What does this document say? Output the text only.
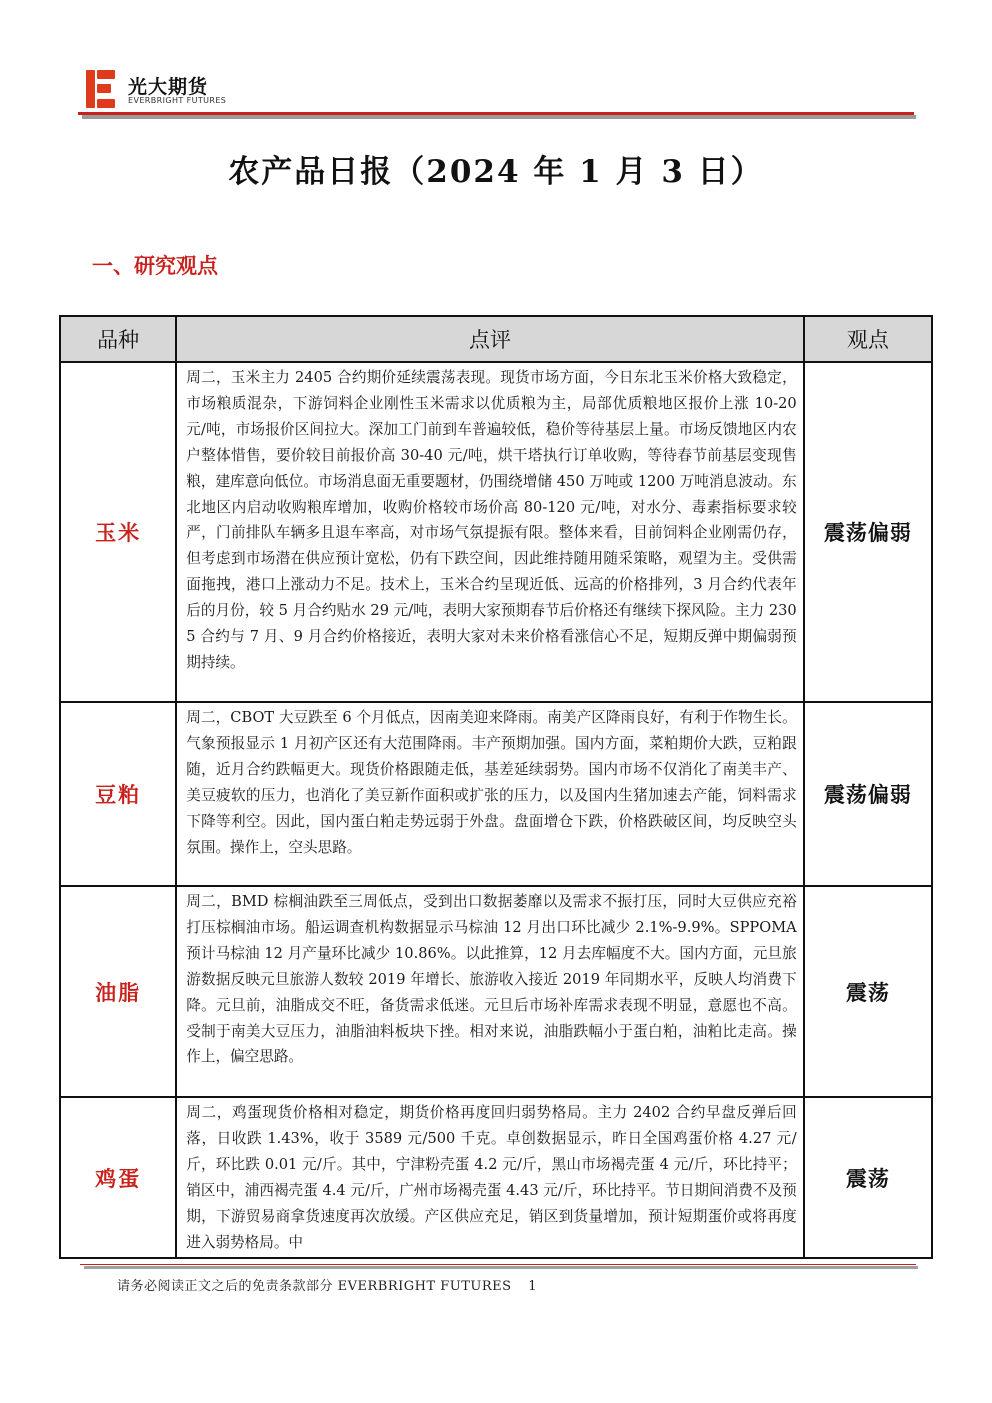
光大期货
EVERBRIGHT FUTURES
农产品日报（2024 年 1 月 3 日）
一、研究观点
品种	点评	观点
玉米	周二，玉米主力 2405 合约期价延续震荡表现。现货市场方面，今日东北玉米价格大致稳定，市场粮质混杂，下游饲料企业刚性玉米需求以优质粮为主，局部优质粮地区报价上涨 10-20 元/吨，市场报价区间拉大。深加工门前到车普遍较低，稳价等待基层上量。市场反馈地区内农户整体惜售，要价较目前报价高 30-40 元/吨，烘干塔执行订单收购，等待春节前基层变现售粮，建库意向低位。市场消息面无重要题材，仍围绕增储 450 万吨或 1200 万吨消息波动。东北地区内启动收购粮库增加，收购价格较市场价高 80-120 元/吨，对水分、毒素指标要求较严，门前排队车辆多且退车率高，对市场气氛提振有限。整体来看，目前饲料企业刚需仍存，但考虑到市场潜在供应预计宽松，仍有下跌空间，因此维持随用随采策略，观望为主。受供需面拖拽，港口上涨动力不足。技术上，玉米合约呈现近低、远高的价格排列，3 月合约代表年后的月份，较 5 月合约贴水 29 元/吨，表明大家预期春节后价格还有继续下探风险。主力 2305 合约与 7 月、9 月合约价格接近，表明大家对未来价格看涨信心不足，短期反弹中期偏弱预期持续。	震荡偏弱
豆粕	周二，CBOT 大豆跌至 6 个月低点，因南美迎来降雨。南美产区降雨良好，有利于作物生长。气象预报显示 1 月初产区还有大范围降雨。丰产预期加强。国内方面，菜粕期价大跌，豆粕跟随，近月合约跌幅更大。现货价格跟随走低，基差延续弱势。国内市场不仅消化了南美丰产、美豆疲软的压力，也消化了美豆新作面积或扩张的压力，以及国内生猪加速去产能，饲料需求下降等利空。因此，国内蛋白粕走势远弱于外盘。盘面增仓下跌，价格跌破区间，均反映空头氛围。操作上，空头思路。	震荡偏弱
油脂	周二，BMD 棕榈油跌至三周低点，受到出口数据萎靡以及需求不振打压，同时大豆供应充裕打压棕榈油市场。船运调查机构数据显示马棕油 12 月出口环比减少 2.1%-9.9%。SPPOMA 预计马棕油 12 月产量环比减少 10.86%。以此推算，12 月去库幅度不大。国内方面，元旦旅游数据反映元旦旅游人数较 2019 年增长、旅游收入接近 2019 年同期水平，反映人均消费下降。元旦前，油脂成交不旺，备货需求低迷。元旦后市场补库需求表现不明显，意愿也不高。受制于南美大豆压力，油脂油料板块下挫。相对来说，油脂跌幅小于蛋白粕，油粕比走高。操作上，偏空思路。	震荡
鸡蛋	周二，鸡蛋现货价格相对稳定，期货价格再度回归弱势格局。主力 2402 合约早盘反弹后回落，日收跌 1.43%，收于 3589 元/500 千克。卓创数据显示，昨日全国鸡蛋价格 4.27 元/斤，环比跌 0.01 元/斤。其中，宁津粉壳蛋 4.2 元/斤，黑山市场褐壳蛋 4 元/斤，环比持平；销区中，浦西褐壳蛋 4.4 元/斤，广州市场褐壳蛋 4.43 元/斤，环比持平。节日期间消费不及预期，下游贸易商拿货速度再次放缓。产区供应充足，销区到货量增加，预计短期蛋价或将再度进入弱势格局。中	震荡
请务必阅读正文之后的免责条款部分 EVERBRIGHT FUTURES 1
